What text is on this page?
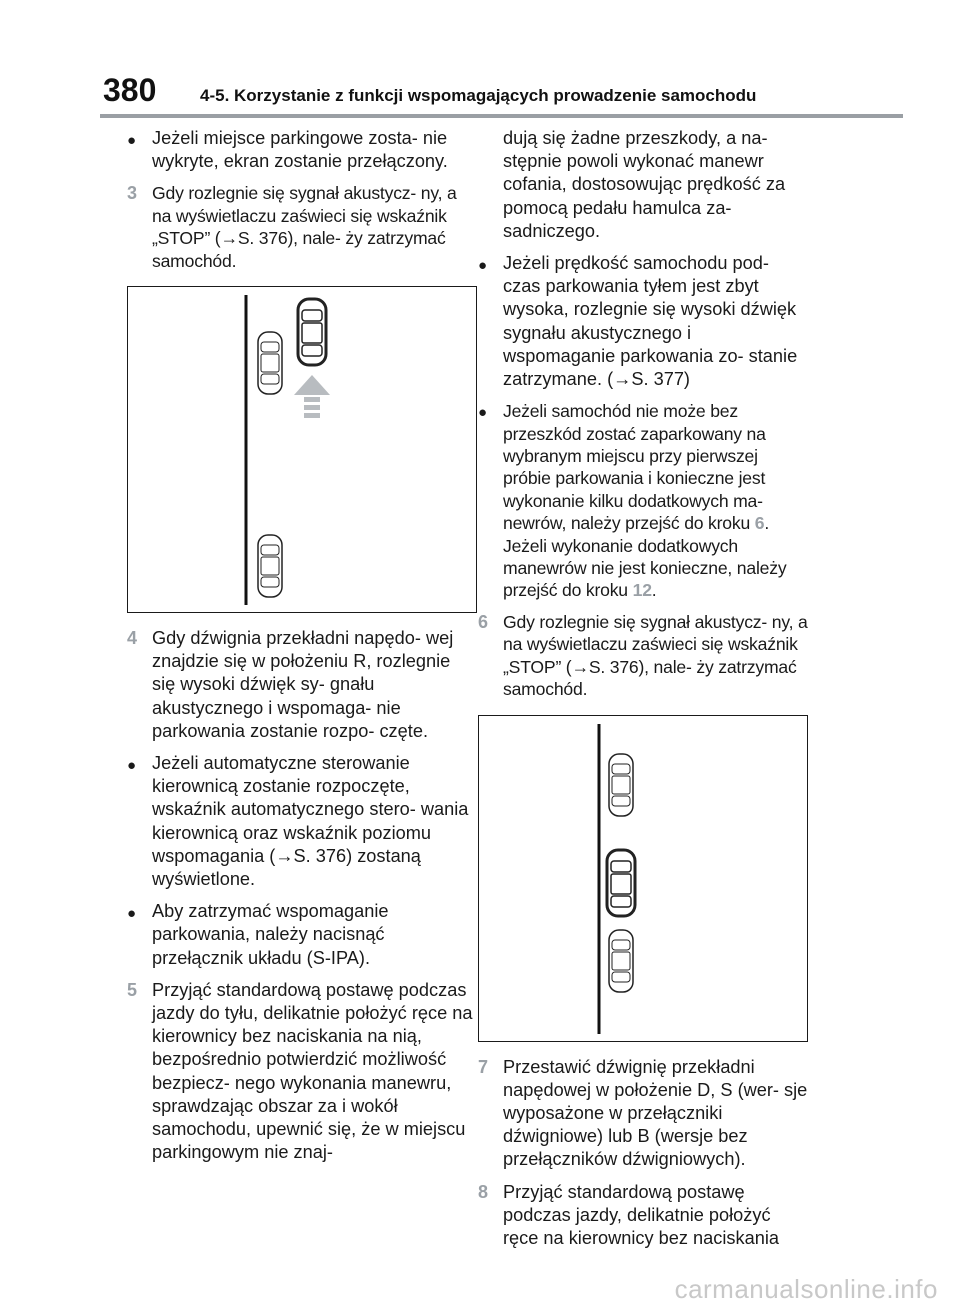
380	4-5. Korzystanie z funkcji wspomagających prowadzenie samochodu
● Jeżeli miejsce parkingowe zosta- nie wykryte, ekran zostanie przełączony.
3 Gdy rozlegnie się sygnał akustycz- ny, a na wyświetlaczu zaświeci się wskaźnik „STOP” (→S. 376), nale- ży zatrzymać samochód.
4 Gdy dźwignia przekładni napędo- wej znajdzie się w położeniu R, rozlegnie się wysoki dźwięk sy- gnału akustycznego i wspomaga- nie parkowania zostanie rozpo- częte.
● Jeżeli automatyczne sterowanie kierownicą zostanie rozpoczęte, wskaźnik automatycznego stero- wania kierownicą oraz wskaźnik poziomu wspomagania (→S. 376) zostaną wyświetlone.
● Aby zatrzymać wspomaganie parkowania, należy nacisnąć przełącznik układu (S-IPA).
5 Przyjąć standardową postawę podczas jazdy do tyłu, delikatnie położyć ręce na kierownicy bez naciskania na nią, bezpośrednio potwierdzić możliwość bezpiecz- nego wykonania manewru, sprawdzając obszar za i wokół samochodu, upewnić się, że w miejscu parkingowym nie znaj-
dują się żadne przeszkody, a na- stępnie powoli wykonać manewr cofania, dostosowując prędkość za pomocą pedału hamulca za- sadniczego.
● Jeżeli prędkość samochodu pod- czas parkowania tyłem jest zbyt wysoka, rozlegnie się wysoki dźwięk sygnału akustycznego i wspomaganie parkowania zo- stanie zatrzymane. (→S. 377)
● Jeżeli samochód nie może bez przeszkód zostać zaparkowany na wybranym miejscu przy pierwszej próbie parkowania i konieczne jest wykonanie kilku dodatkowych ma- newrów, należy przejść do kroku 6. Jeżeli wykonanie dodatkowych manewrów nie jest konieczne, należy przejść do kroku 12.
6 Gdy rozlegnie się sygnał akustycz- ny, a na wyświetlaczu zaświeci się wskaźnik „STOP” (→S. 376), nale- ży zatrzymać samochód.
7 Przestawić dźwignię przekładni napędowej w położenie D, S (wer- sje wyposażone w przełączniki dźwigniowe) lub B (wersje bez przełączników dźwigniowych).
8 Przyjąć standardową postawę podczas jazdy, delikatnie położyć ręce na kierownicy bez naciskania
carmanualsonline.info
